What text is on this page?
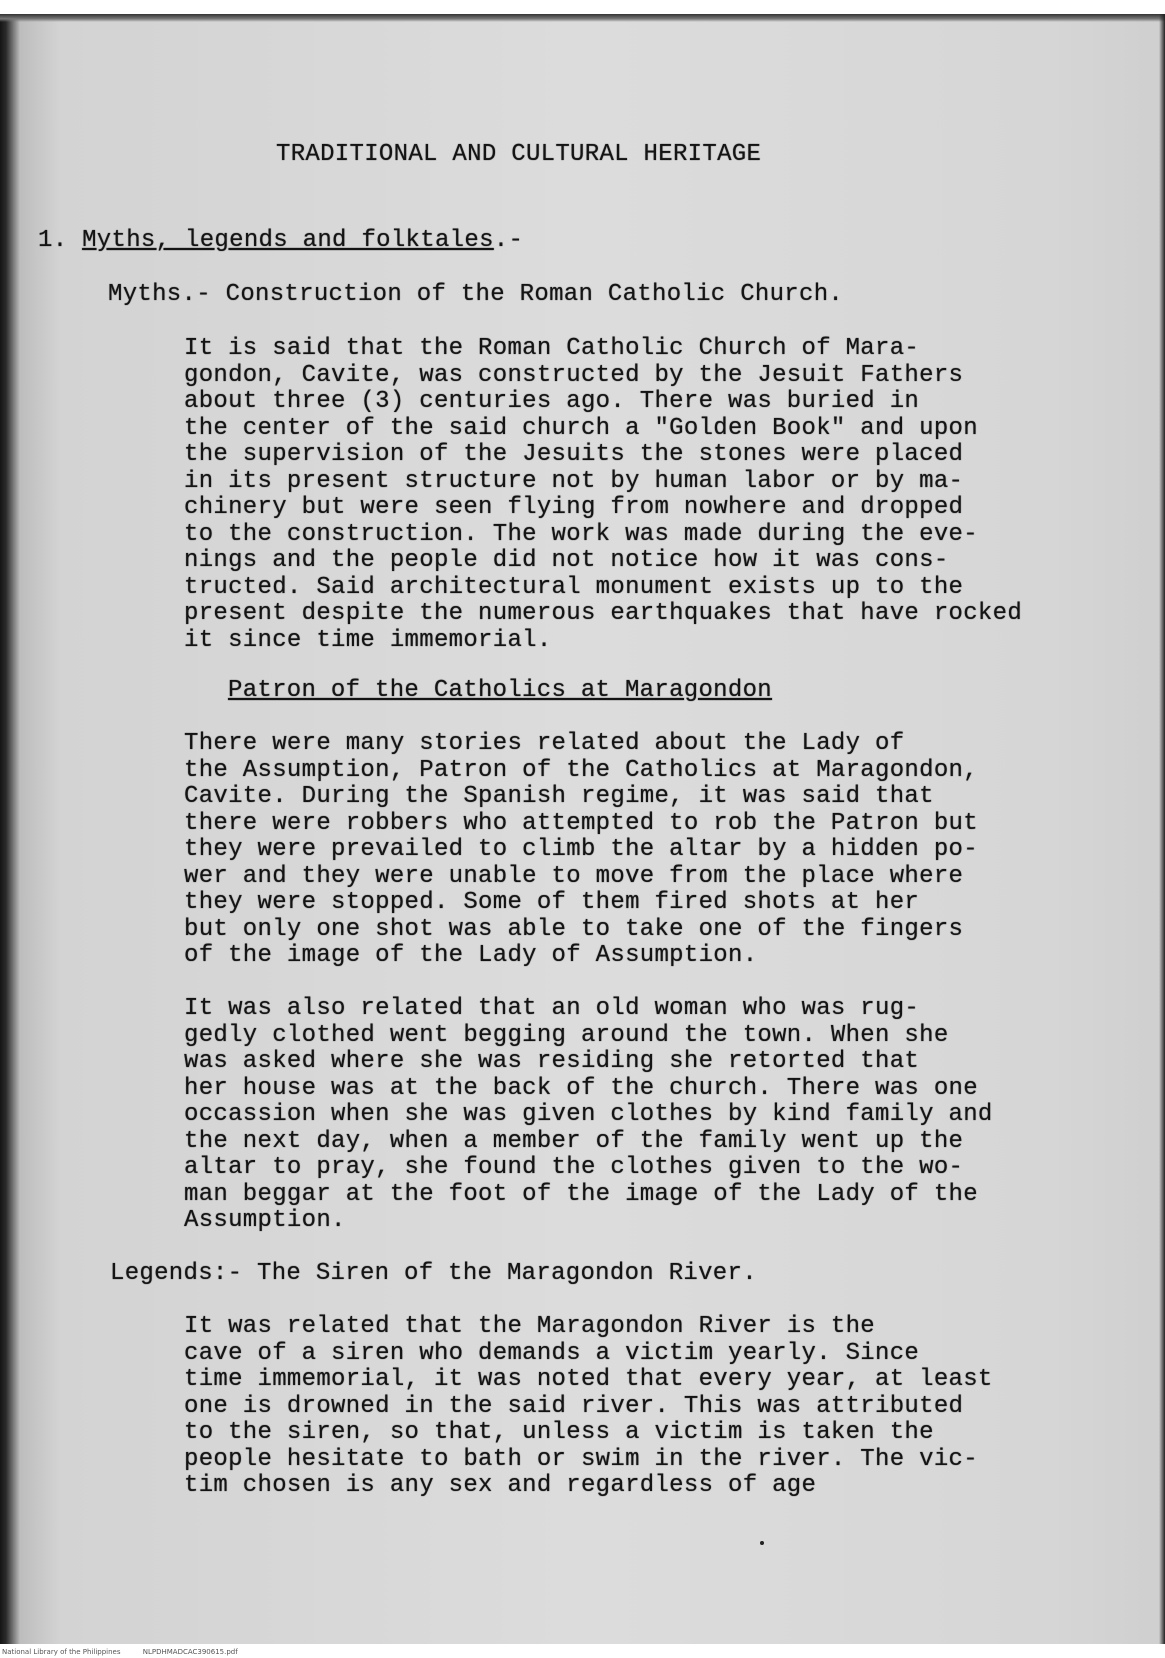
TRADITIONAL AND CULTURAL HERITAGE
1. Myths, legends and folktales.-
Myths.- Construction of the Roman Catholic Church.
It is said that the Roman Catholic Church of Mara-
gondon, Cavite, was constructed by the Jesuit Fathers
about three (3) centuries ago. There was buried in
the center of the said church a "Golden Book" and upon
the supervision of the Jesuits the stones were placed
in its present structure not by human labor or by ma-
chinery but were seen flying from nowhere and dropped
to the construction. The work was made during the eve-
nings and the people did not notice how it was cons-
tructed. Said architectural monument exists up to the
present despite the numerous earthquakes that have rocked
it since time immemorial.
Patron of the Catholics at Maragondon
There were many stories related about the Lady of
the Assumption, Patron of the Catholics at Maragondon,
Cavite. During the Spanish regime, it was said that
there were robbers who attempted to rob the Patron but
they were prevailed to climb the altar by a hidden po-
wer and they were unable to move from the place where
they were stopped. Some of them fired shots at her
but only one shot was able to take one of the fingers
of the image of the Lady of Assumption.
It was also related that an old woman who was rug-
gedly clothed went begging around the town. When she
was asked where she was residing she retorted that
her house was at the back of the church. There was one
occassion when she was given clothes by kind family and
the next day, when a member of the family went up the
altar to pray, she found the clothes given to the wo-
man beggar at the foot of the image of the Lady of the
Assumption.
Legends:- The Siren of the Maragondon River.
It was related that the Maragondon River is the
cave of a siren who demands a victim yearly. Since
time immemorial, it was noted that every year, at least
one is drowned in the said river. This was attributed
to the siren, so that, unless a victim is taken the
people hesitate to bath or swim in the river. The vic-
tim chosen is any sex and regardless of age
National Library of the Philippines	NLPDHMADCAC390615.pdf
